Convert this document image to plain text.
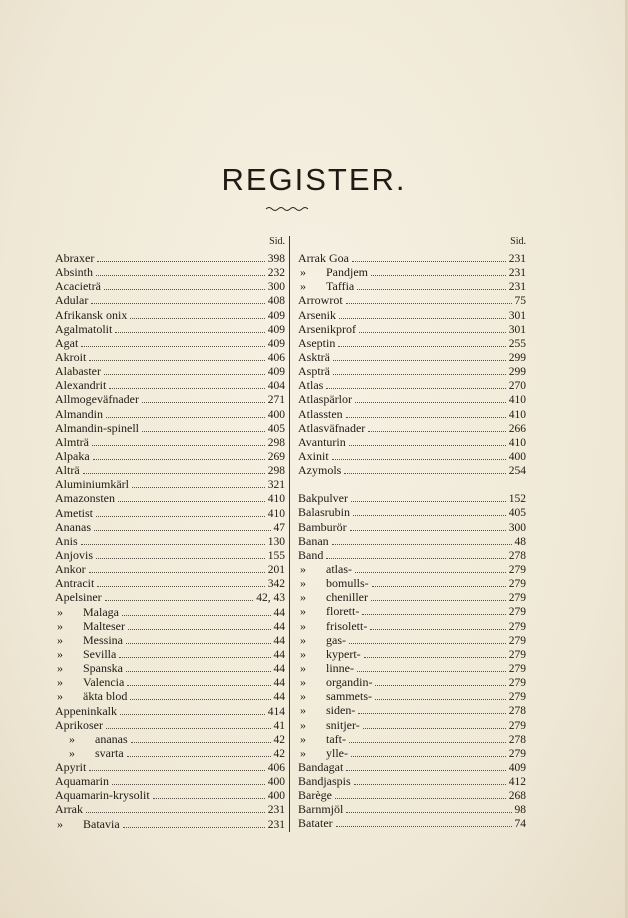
REGISTER.
Sid.
Abraxer	398
Absinth	232
Acacieträ	300
Adular	408
Afrikansk onix	409
Agalmatolit	409
Agat	409
Akroit	406
Alabaster	409
Alexandrit	404
Allmogeväfnader	271
Almandin	400
Almandin-spinell	405
Almträ	298
Alpaka	269
Alträ	298
Aluminiumkärl	321
Amazonsten	410
Ametist	410
Ananas	47
Anis	130
Anjovis	155
Ankor	201
Antracit	342
Apelsiner	42, 43
»	Malaga	44
»	Malteser	44
»	Messina	44
»	Sevilla	44
»	Spanska	44
»	Valencia	44
»	äkta blod	44
Appeninkalk	414
Aprikoser	41
»	ananas	42
»	svarta	42
Apyrit	406
Aquamarin	400
Aquamarin-krysolit	400
Arrak	231
»	Batavia	231
Sid.
Arrak Goa	231
»	Pandjem	231
»	Taffia	231
Arrowrot	75
Arsenik	301
Arsenikprof	301
Aseptin	255
Askträ	299
Aspträ	299
Atlas	270
Atlaspärlor	410
Atlassten	410
Atlasväfnader	266
Avanturin	410
Axinit	400
Azymols	254
Bakpulver	152
Balasrubin	405
Bamburör	300
Banan	48
Band	278
»	atlas-	279
»	bomulls-	279
»	cheniller	279
»	florett-	279
»	frisolett-	279
»	gas-	279
»	kypert-	279
»	linne-	279
»	organdin-	279
»	sammets-	279
»	siden-	278
»	snitjer-	279
»	taft-	278
»	ylle-	279
Bandagat	409
Bandjaspis	412
Barège	268
Barnmjöl	98
Batater	74
